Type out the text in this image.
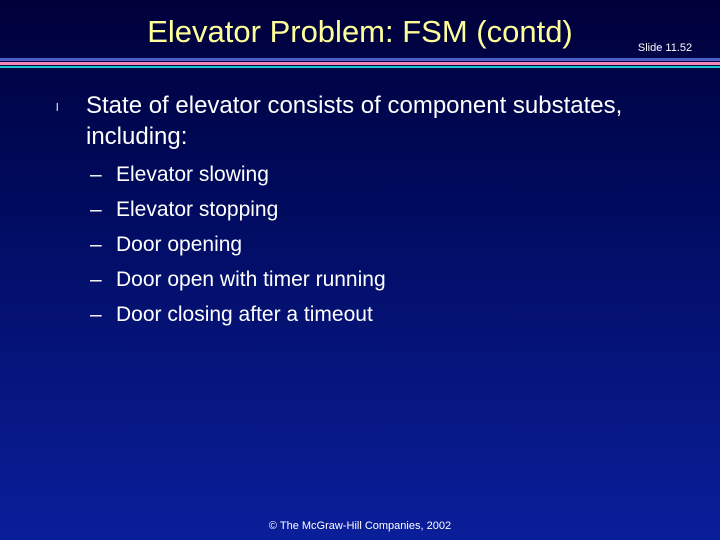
Elevator Problem: FSM (contd)	Slide 11.52
l State of elevator consists of component substates, including:
– Elevator slowing
– Elevator stopping
– Door opening
– Door open with timer running
– Door closing after a timeout
© The McGraw-Hill Companies, 2002
